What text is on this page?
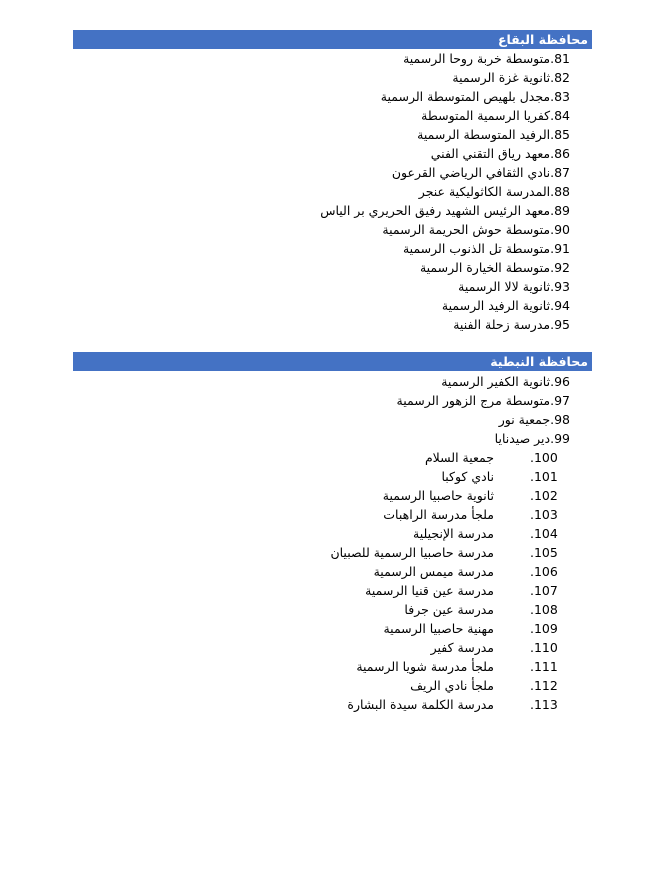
محافظة البقاع
81.متوسطة خربة روحا الرسمية
82.ثانوية غزة الرسمية
83.مجدل بلهيص المتوسطة الرسمية
84.كفريا الرسمية المتوسطة
85.الرفيد المتوسطة الرسمية
86.معهد رياق التقني الفني
87.نادي الثقافي الرياضي القرعون
88.المدرسة الكاثوليكية عنجر
89.معهد الرئيس الشهيد رفيق الحريري بر الياس
90.متوسطة حوش الحريمة الرسمية
91.متوسطة تل الذنوب الرسمية
92.متوسطة الخيارة الرسمية
93.ثانوية لالا الرسمية
94.ثانوية الرفيد الرسمية
95.مدرسة زحلة الفنية
محافظة النبطية
96.ثانوية الكفير الرسمية
97.متوسطة مرج الزهور الرسمية
98.جمعية نور
99.دير صيدنايا
.100
جمعية السلام
.101
نادي كوكبا
.102
ثانوية حاصبيا الرسمية
.103
ملجأ مدرسة الراهبات
.104
مدرسة الإنجيلية
.105
مدرسة حاصبيا الرسمية للصبيان
.106
مدرسة ميمس الرسمية
.107
مدرسة عين قنيا الرسمية
.108
مدرسة عين جرفا
.109
مهنية حاصبيا الرسمية
.110
مدرسة كفير
.111
ملجأ مدرسة شويا الرسمية
.112
ملجأ نادي الريف
.113
مدرسة الكلمة سيدة البشارة
